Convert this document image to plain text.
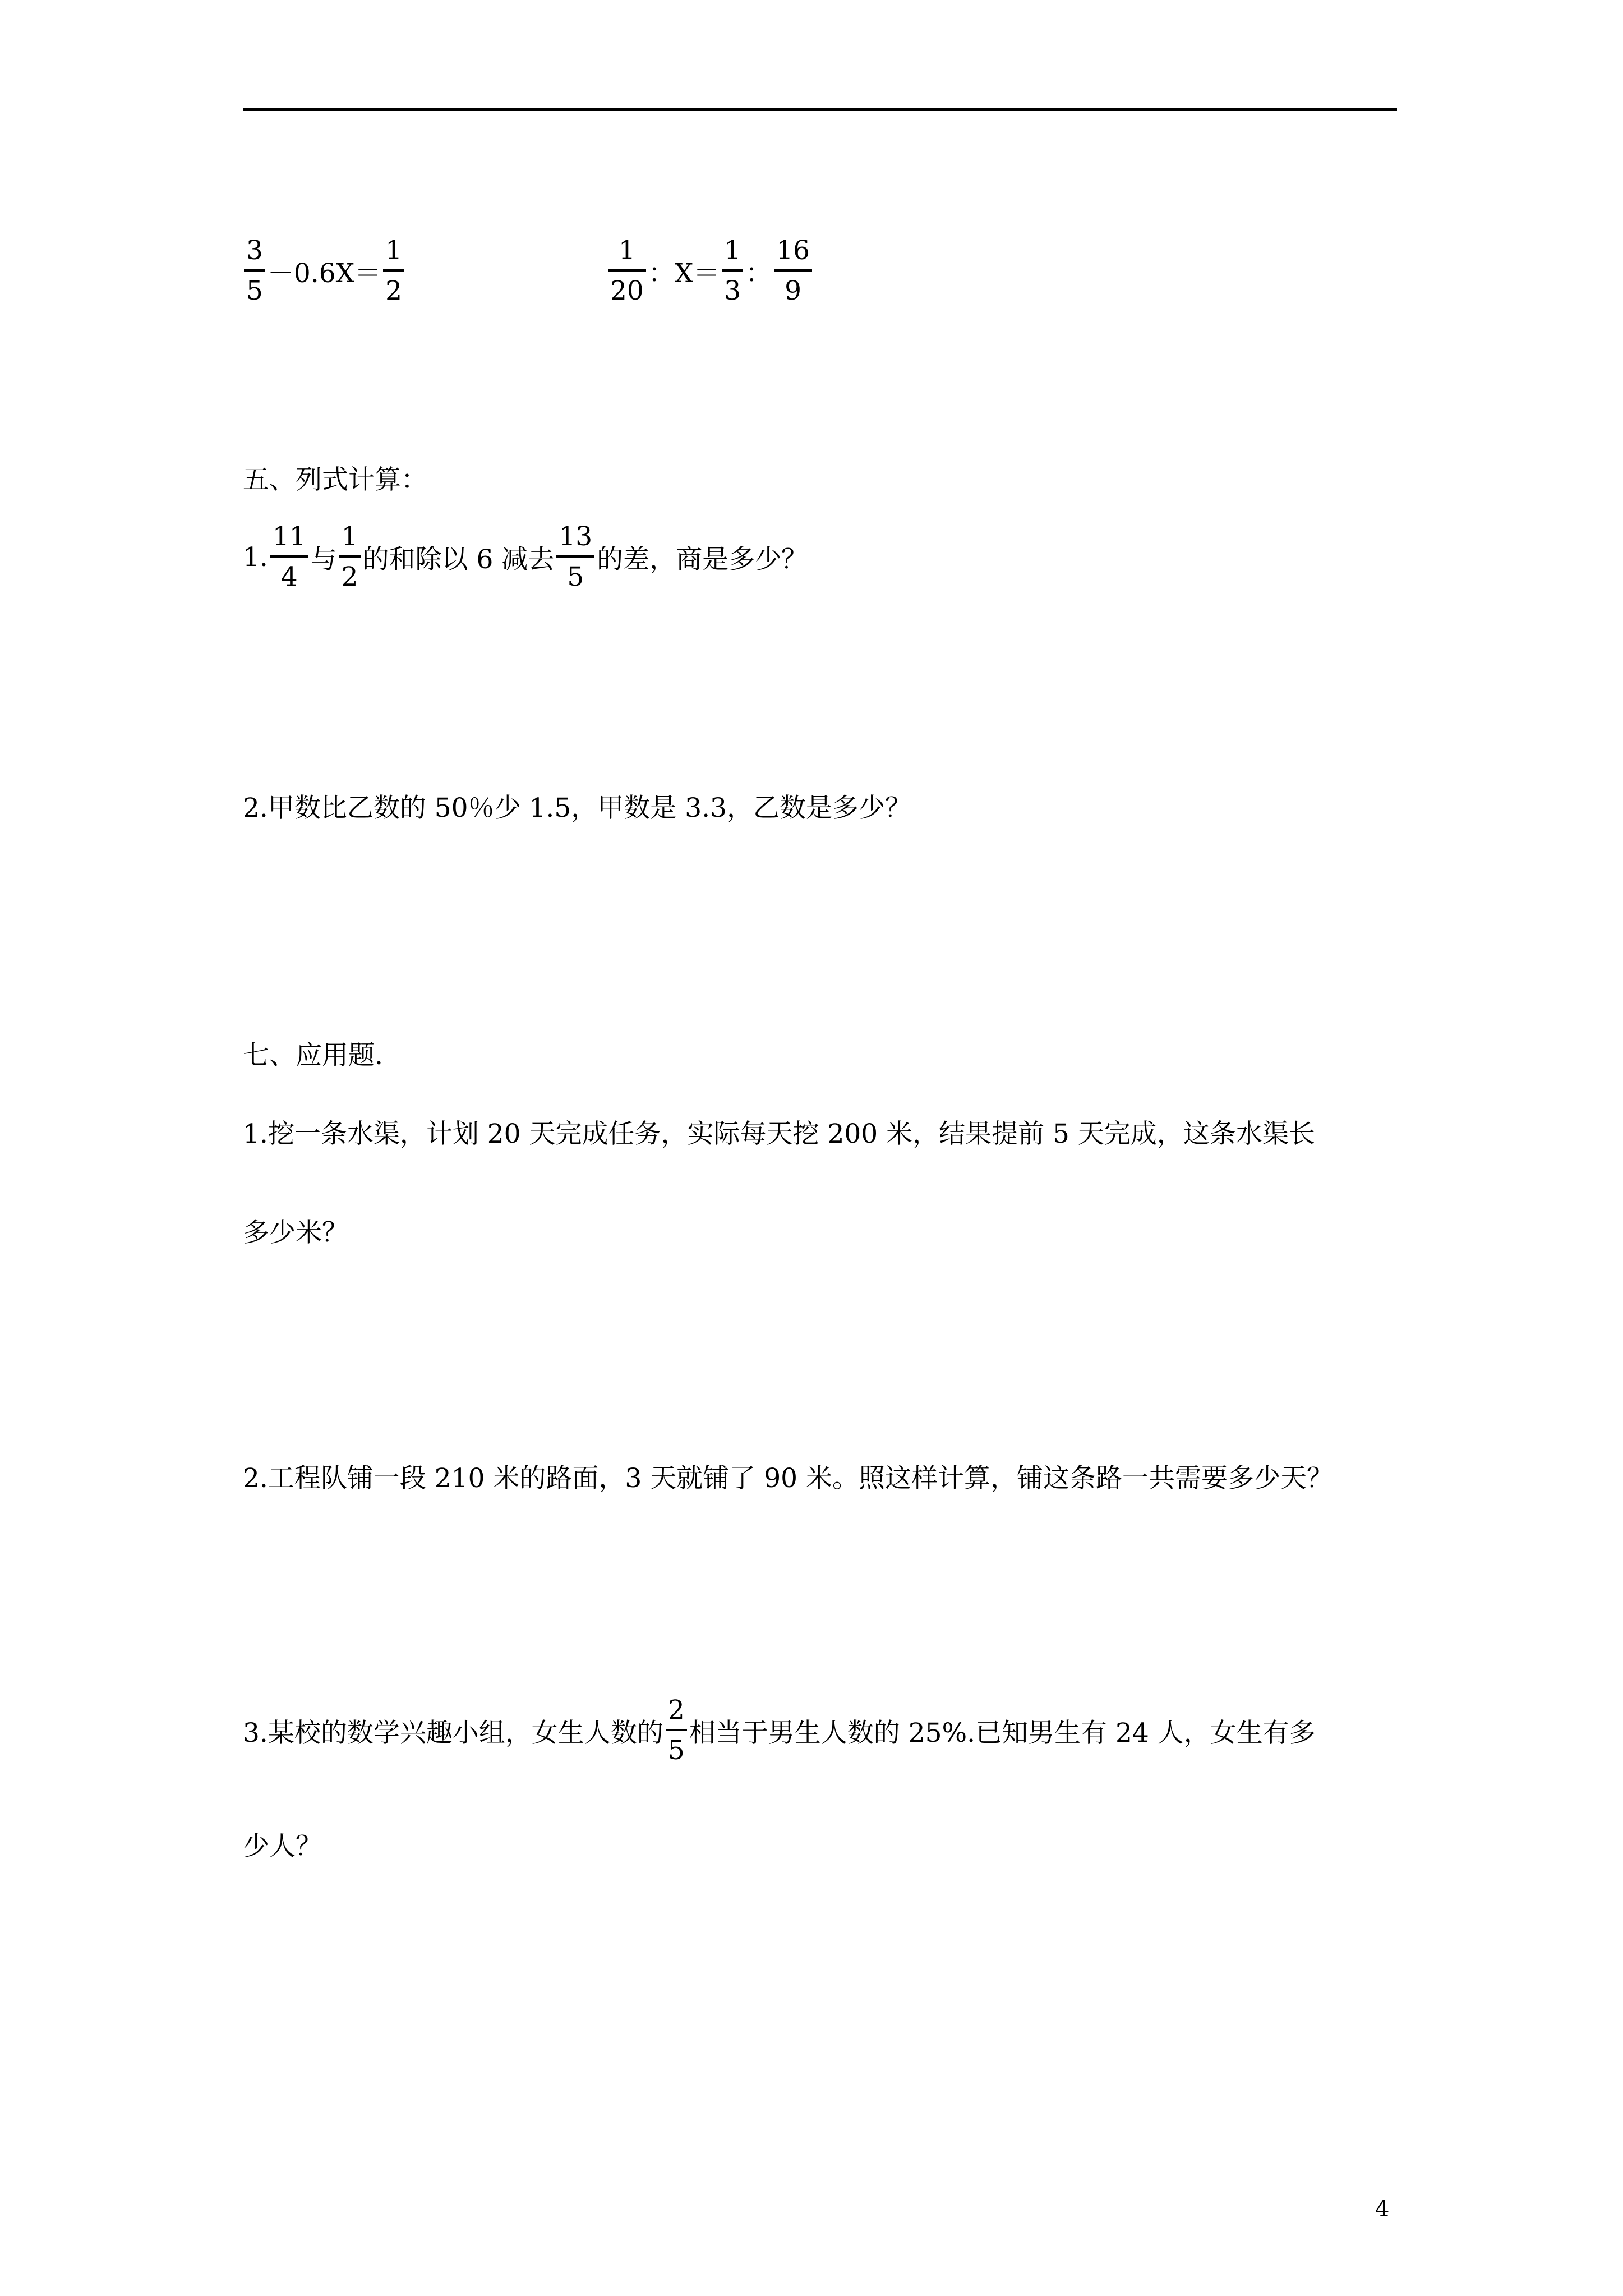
$\frac{3}{5} -0.6X= \frac{1}{2}$	$\frac{1}{20}$ ：$X= \frac{1}{3}$ ： $\frac{16}{9}$
五、列式计算：
1. $\frac{11}{4}$ 与 $\frac{1}{2}$ 的和除以 6 减去 $\frac{13}{5}$ 的差，商是多少？
2.甲数比乙数的 50％少 1.5，甲数是 3.3，乙数是多少？
七、应用题.
1.挖一条水渠，计划 20 天完成任务，实际每天挖 200 米，结果提前 5 天完成，这条水渠长
多少米？
2.工程队铺一段 210 米的路面，3 天就铺了 90 米。照这样计算，铺这条路一共需要多少天？
3.某校的数学兴趣小组，女生人数的 $\frac{2}{5}$ 相当于男生人数的 25%.已知男生有 24 人，女生有多
少人？
4
